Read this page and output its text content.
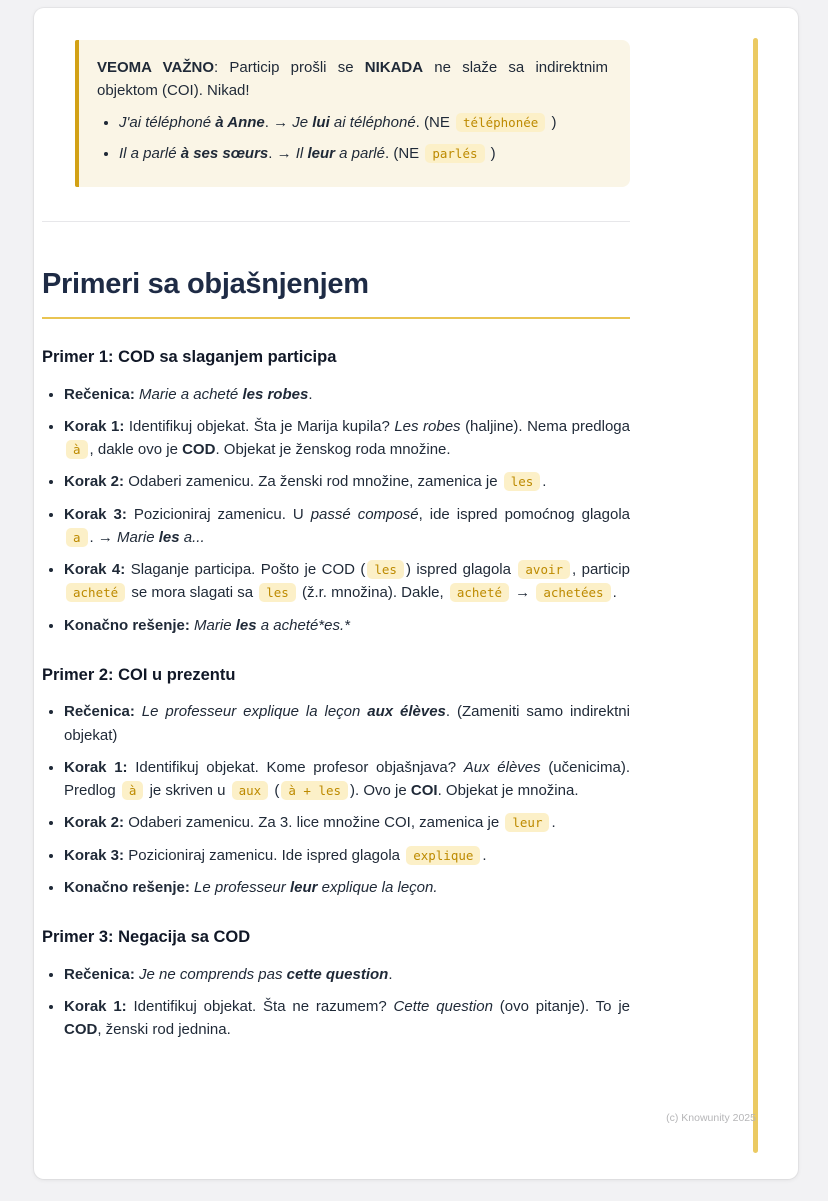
VEOMA VAŽNO: Particip prošli se NIKADA ne slaže sa indirektnim objektom (COI). Nikad!

• J'ai téléphoné à Anne. → Je lui ai téléphoné. (NE téléphonée )
• Il a parlé à ses sœurs. → Il leur a parlé. (NE parlés )
Primeri sa objašnjenjem
Primer 1: COD sa slaganjem participa
• Rečenica: Marie a acheté les robes.
• Korak 1: Identifikuj objekat. Šta je Marija kupila? Les robes (haljine). Nema predloga à , dakle ovo je COD. Objekat je ženskog roda množine.
• Korak 2: Odaberi zamenicu. Za ženski rod množine, zamenica je les .
• Korak 3: Pozicioniraj zamenicu. U passé composé, ide ispred pomoćnog glagola a . → Marie les a...
• Korak 4: Slaganje participa. Pošto je COD ( les ) ispred glagola avoir , particip acheté se mora slagati sa les (ž.r. množina). Dakle, acheté → achetées .
• Konačno rešenje: Marie les a acheté*es.*
Primer 2: COI u prezentu
• Rečenica: Le professeur explique la leçon aux élèves. (Zameniti samo indirektni objekat)
• Korak 1: Identifikuj objekat. Kome profesor objašnjava? Aux élèves (učenicima). Predlog à je skriven u aux ( à + les ). Ovo je COI. Objekat je množina.
• Korak 2: Odaberi zamenicu. Za 3. lice množine COI, zamenica je leur .
• Korak 3: Pozicioniraj zamenicu. Ide ispred glagola explique .
• Konačno rešenje: Le professeur leur explique la leçon.
Primer 3: Negacija sa COD
• Rečenica: Je ne comprends pas cette question.
• Korak 1: Identifikuj objekat. Šta ne razumem? Cette question (ovo pitanje). To je COD, ženski rod jednina.
(c) Knowunity 2025
